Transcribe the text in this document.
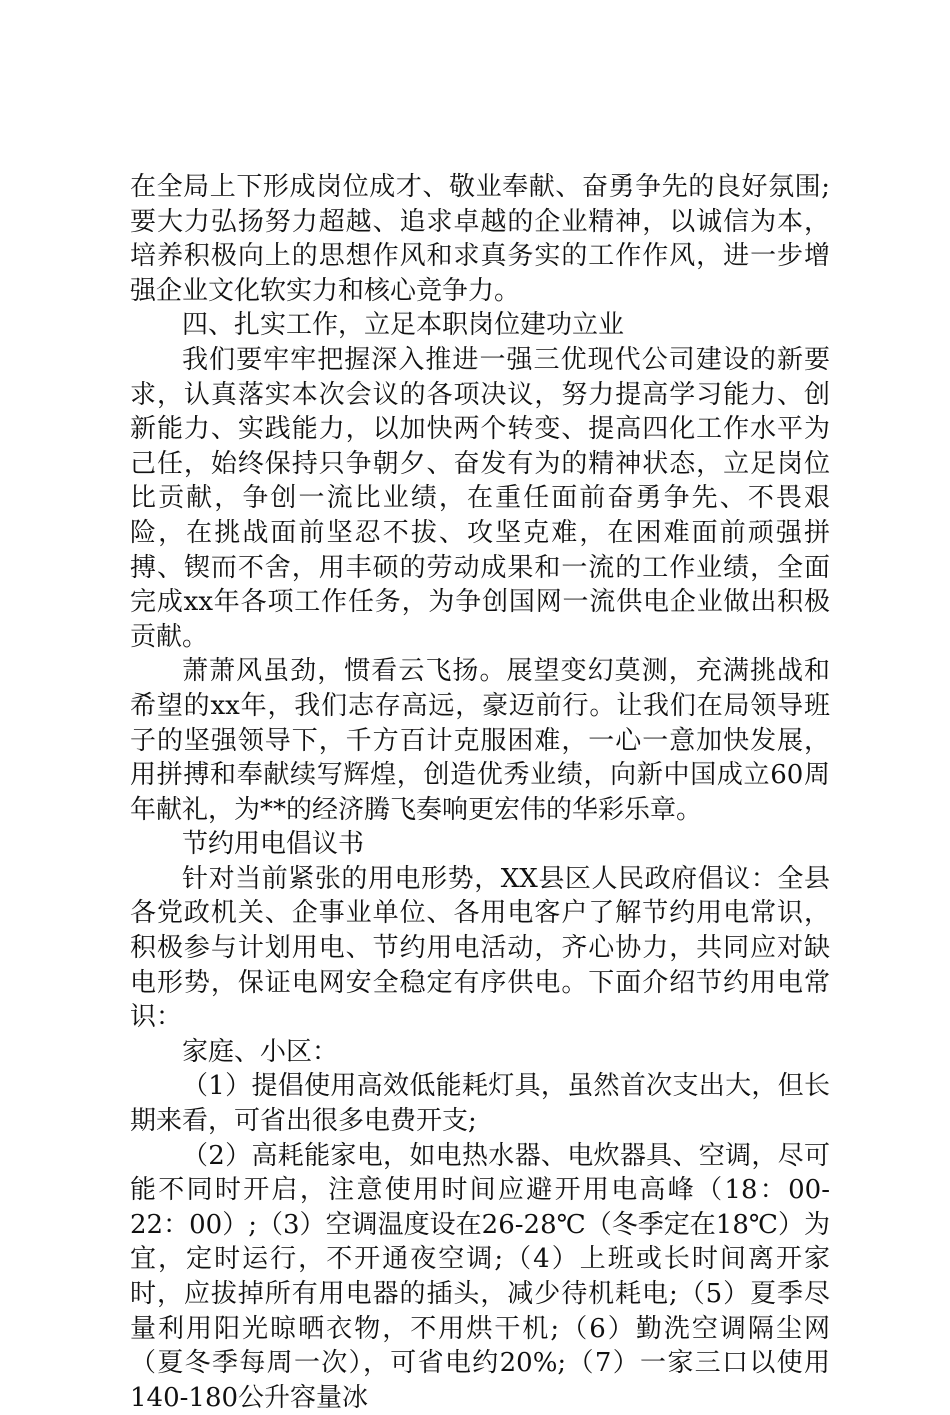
在全局上下形成岗位成才、敬业奉献、奋勇争先的良好氛围;要大力弘扬努力超越、追求卓越的企业精神，以诚信为本，培养积极向上的思想作风和求真务实的工作作风，进一步增强企业文化软实力和核心竞争力。

四、扎实工作，立足本职岗位建功立业

我们要牢牢把握深入推进一强三优现代公司建设的新要求，认真落实本次会议的各项决议，努力提高学习能力、创新能力、实践能力，以加快两个转变、提高四化工作水平为己任，始终保持只争朝夕、奋发有为的精神状态，立足岗位比贡献，争创一流比业绩，在重任面前奋勇争先、不畏艰险，在挑战面前坚忍不拔、攻坚克难，在困难面前顽强拼搏、锲而不舍，用丰硕的劳动成果和一流的工作业绩，全面完成xx年各项工作任务，为争创国网一流供电企业做出积极贡献。

萧萧风虽劲，惯看云飞扬。展望变幻莫测，充满挑战和希望的xx年，我们志存高远，豪迈前行。让我们在局领导班子的坚强领导下，千方百计克服困难，一心一意加快发展，用拼搏和奉献续写辉煌，创造优秀业绩，向新中国成立60周年献礼，为**的经济腾飞奏响更宏伟的华彩乐章。

节约用电倡议书

针对当前紧张的用电形势，XX县区人民政府倡议：全县各党政机关、企事业单位、各用电客户了解节约用电常识，积极参与计划用电、节约用电活动，齐心协力，共同应对缺电形势，保证电网安全稳定有序供电。下面介绍节约用电常识：

家庭、小区：

（1）提倡使用高效低能耗灯具，虽然首次支出大，但长期来看，可省出很多电费开支;

（2）高耗能家电，如电热水器、电炊器具、空调，尽可能不同时开启，注意使用时间应避开用电高峰（18：00-22：00）;（3）空调温度设在26-28℃（冬季定在18℃）为宜，定时运行，不开通夜空调;（4）上班或长时间离开家时，应拔掉所有用电器的插头，减少待机耗电;（5）夏季尽量利用阳光晾晒衣物，不用烘干机;（6）勤洗空调隔尘网（夏冬季每周一次），可省电约20%;（7）一家三口以使用140-180公升容量冰
